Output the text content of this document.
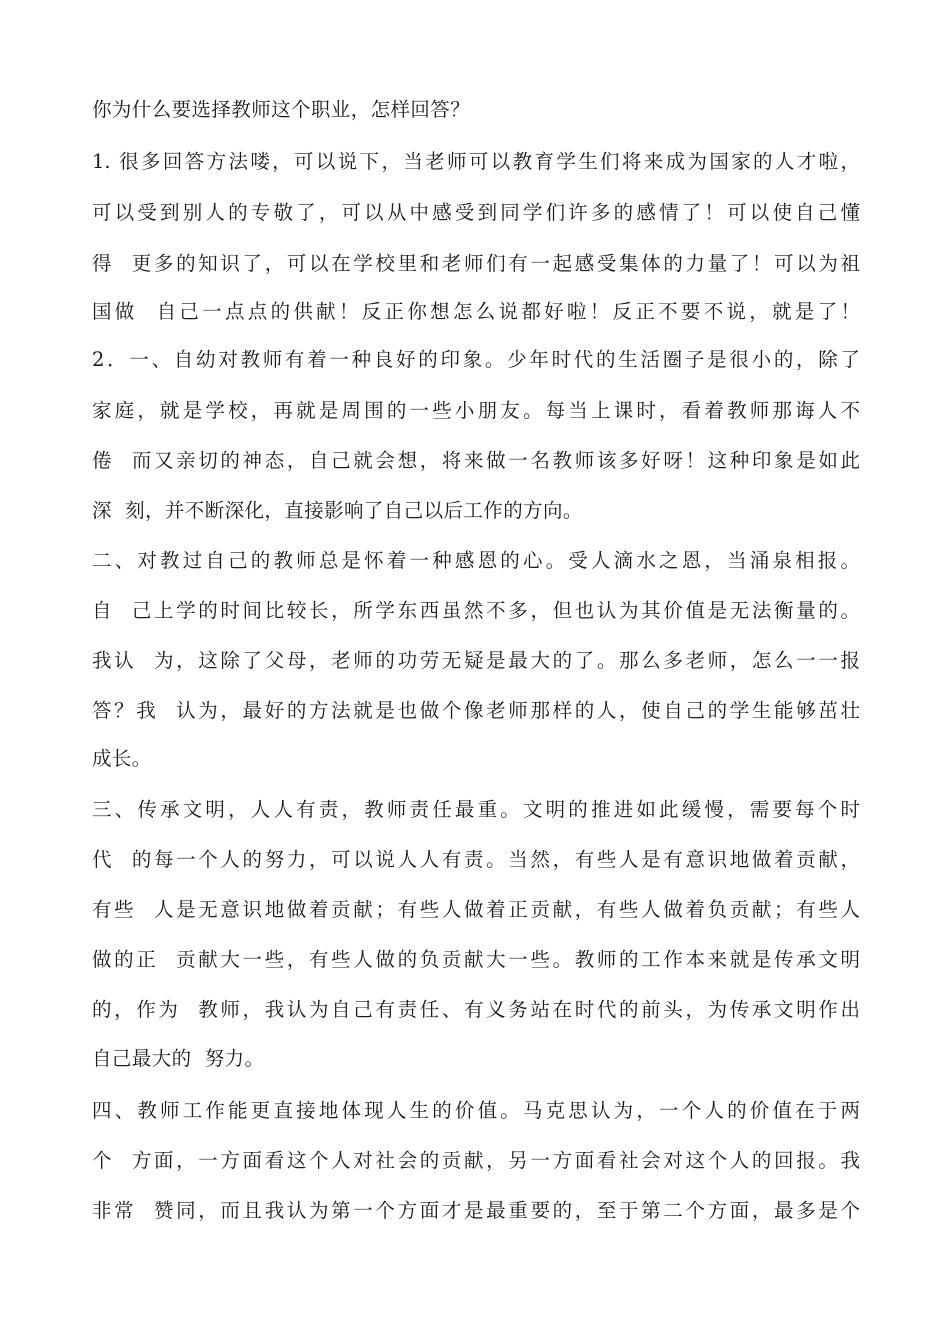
你为什么要选择教师这个职业，怎样回答？
1. 很多回答方法喽，可以说下，当老师可以教育学生们将来成为国家的人才啦，
可以受到别人的专敬了，可以从中感受到同学们许多的感情了！可以使自己懂
得  更多的知识了，可以在学校里和老师们有一起感受集体的力量了！可以为祖
国做  自己一点点的供献！反正你想怎么说都好啦！反正不要不说，就是了！
2．一、自幼对教师有着一种良好的印象。少年时代的生活圈子是很小的，除了
家庭，就是学校，再就是周围的一些小朋友。每当上课时，看着教师那诲人不
倦  而又亲切的神态，自己就会想，将来做一名教师该多好呀！这种印象是如此
深  刻，并不断深化，直接影响了自己以后工作的方向。
二、对教过自己的教师总是怀着一种感恩的心。受人滴水之恩，当涌泉相报。
自  己上学的时间比较长，所学东西虽然不多，但也认为其价值是无法衡量的。
我认  为，这除了父母，老师的功劳无疑是最大的了。那么多老师，怎么一一报
答？我  认为，最好的方法就是也做个像老师那样的人，使自己的学生能够茁壮
成长。
三、传承文明，人人有责，教师责任最重。文明的推进如此缓慢，需要每个时
代  的每一个人的努力，可以说人人有责。当然，有些人是有意识地做着贡献，
有些  人是无意识地做着贡献；有些人做着正贡献，有些人做着负贡献；有些人
做的正  贡献大一些，有些人做的负贡献大一些。教师的工作本来就是传承文明
的，作为  教师，我认为自己有责任、有义务站在时代的前头，为传承文明作出
自己最大的  努力。
四、教师工作能更直接地体现人生的价值。马克思认为，一个人的价值在于两
个  方面，一方面看这个人对社会的贡献，另一方面看社会对这个人的回报。我
非常  赞同，而且我认为第一个方面才是最重要的，至于第二个方面，最多是个
